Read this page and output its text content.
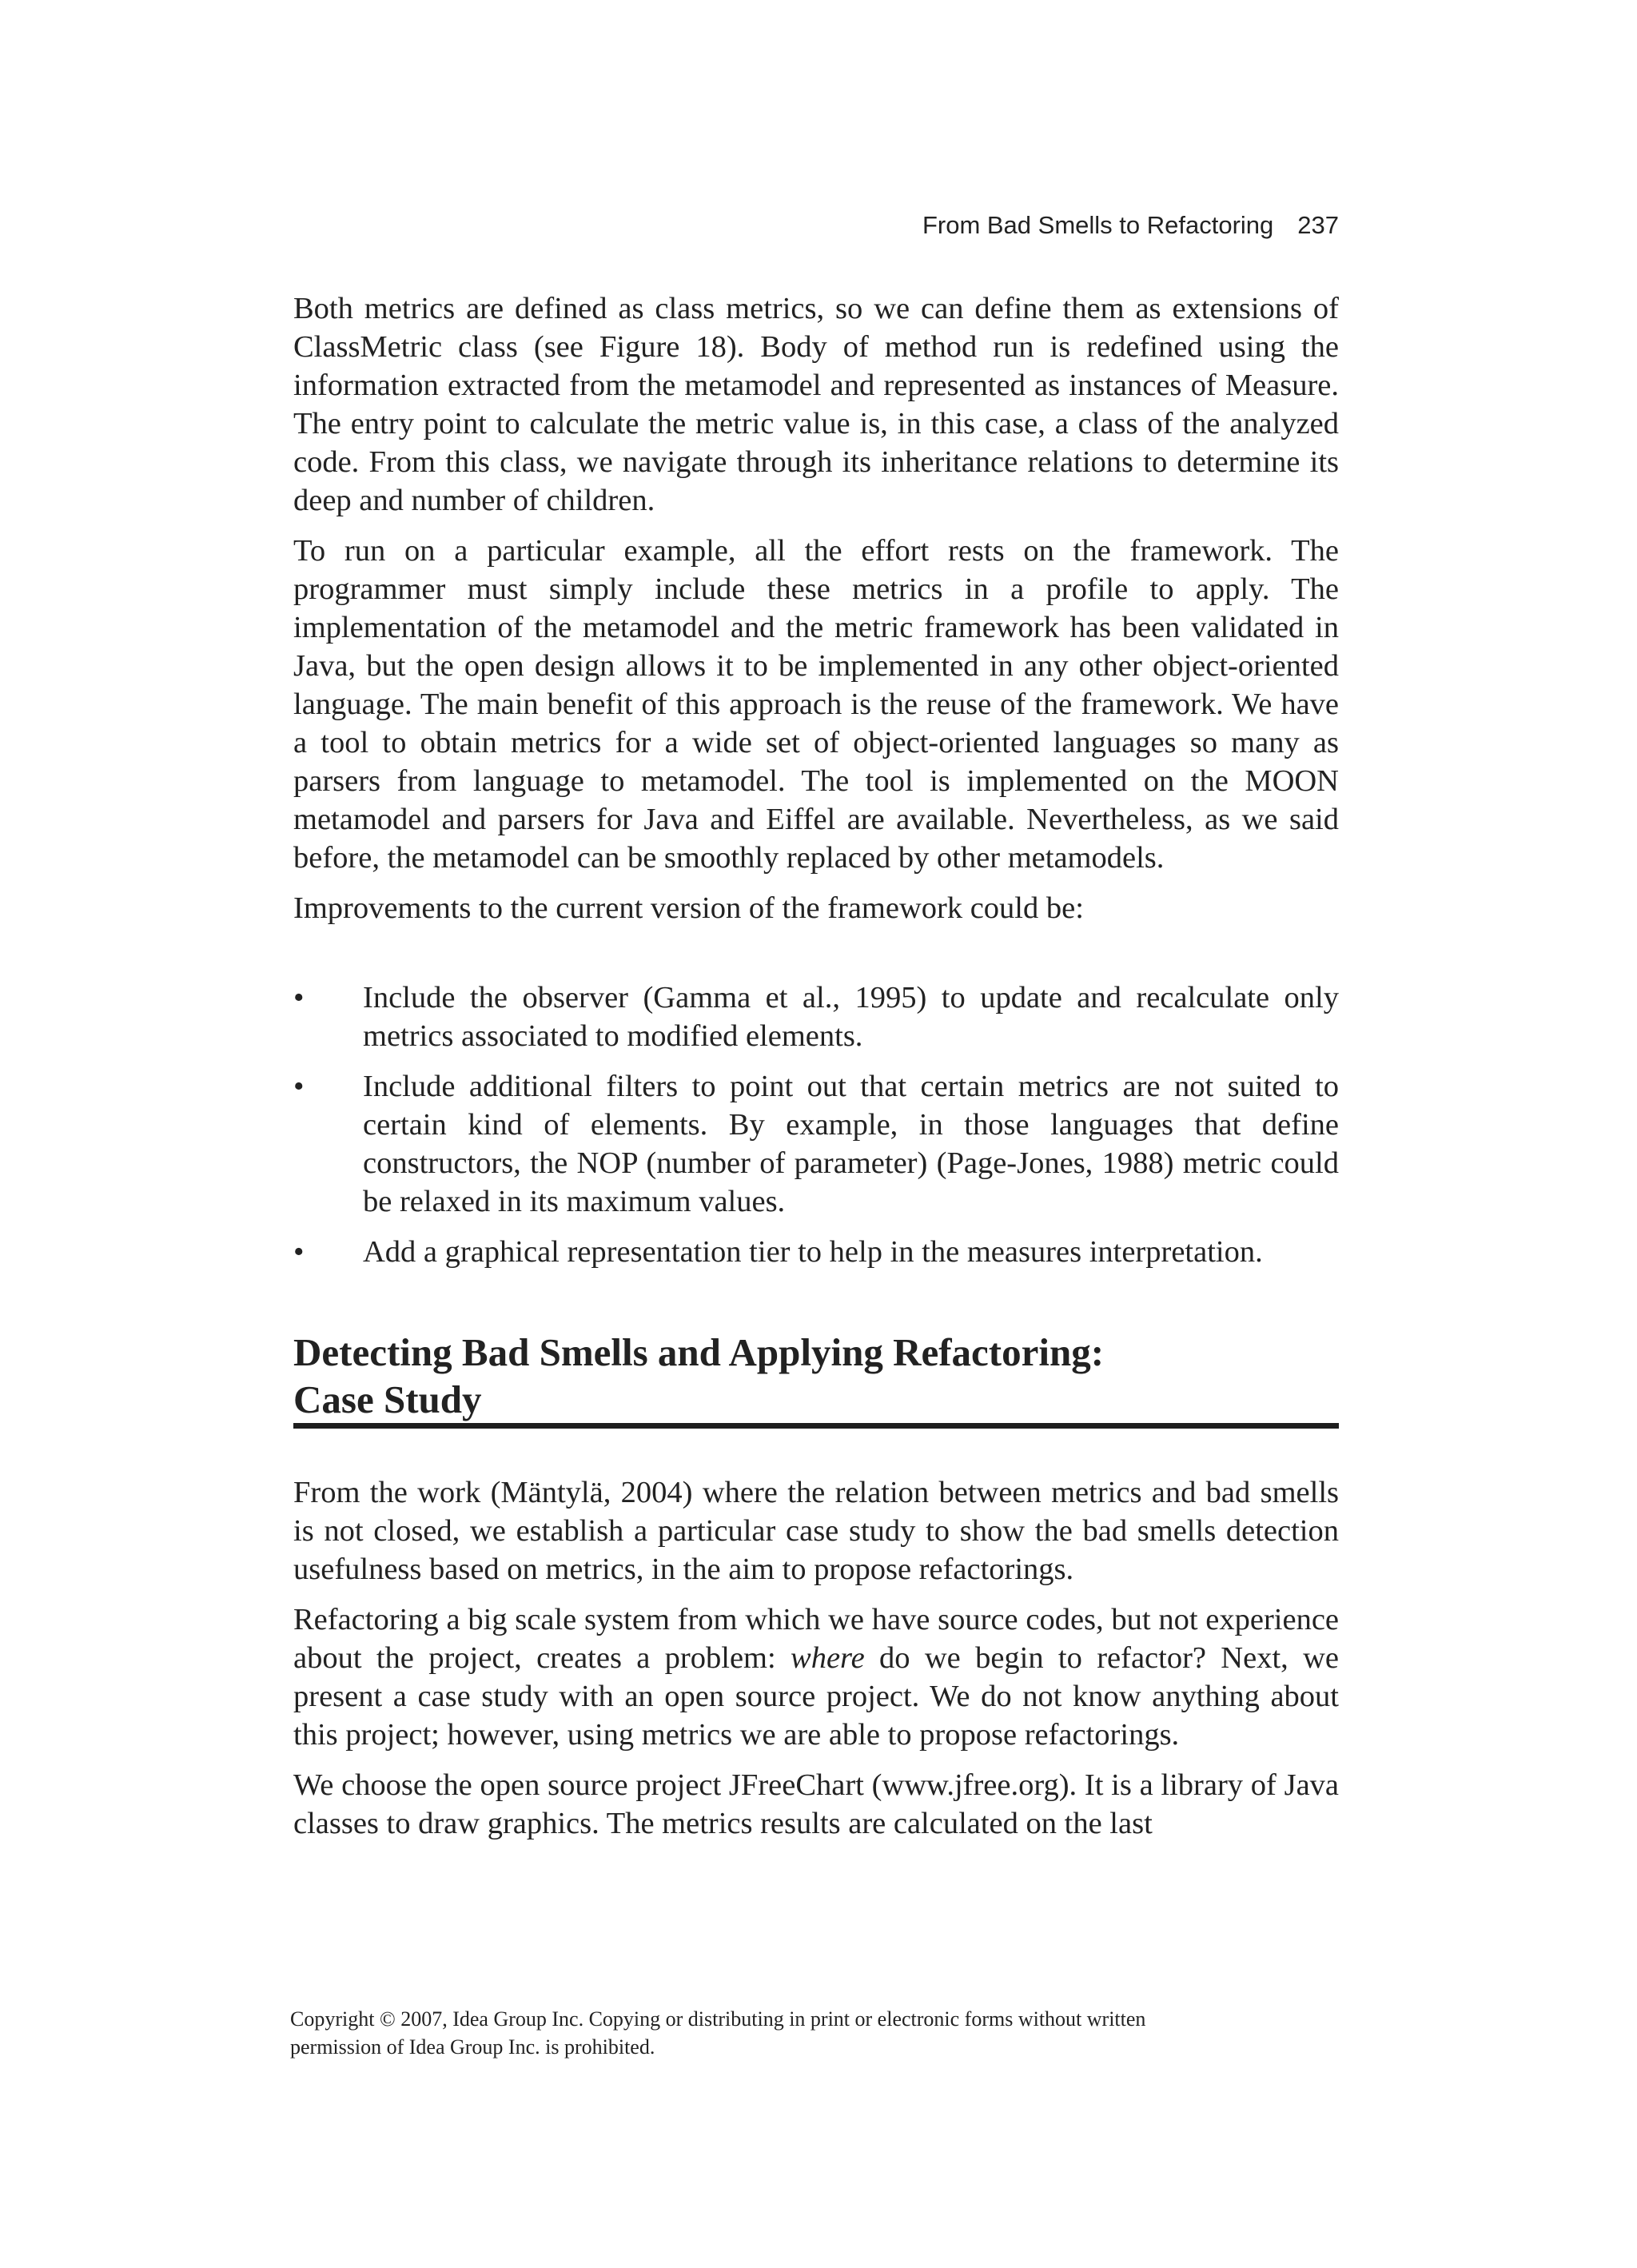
From Bad Smells to Refactoring 237

Both metrics are defined as class metrics, so we can define them as extensions of ClassMetric class (see Figure 18). Body of method run is redefined using the information extracted from the metamodel and represented as instances of Measure. The entry point to calculate the metric value is, in this case, a class of the analyzed code. From this class, we navigate through its inheritance relations to determine its deep and number of children.

To run on a particular example, all the effort rests on the framework. The programmer must simply include these metrics in a profile to apply. The implementation of the metamodel and the metric framework has been validated in Java, but the open design allows it to be implemented in any other object-oriented language. The main benefit of this approach is the reuse of the framework. We have a tool to obtain metrics for a wide set of object-oriented languages so many as parsers from language to metamodel. The tool is implemented on the MOON metamodel and parsers for Java and Eiffel are available. Nevertheless, as we said before, the metamodel can be smoothly replaced by other metamodels.

Improvements to the current version of the framework could be:

• Include the observer (Gamma et al., 1995) to update and recalculate only metrics associated to modified elements.
• Include additional filters to point out that certain metrics are not suited to certain kind of elements. By example, in those languages that define constructors, the NOP (number of parameter) (Page-Jones, 1988) metric could be relaxed in its maximum values.
• Add a graphical representation tier to help in the measures interpretation.
Detecting Bad Smells and Applying Refactoring:
Case Study

From the work (Mäntylä, 2004) where the relation between metrics and bad smells is not closed, we establish a particular case study to show the bad smells detection usefulness based on metrics, in the aim to propose refactorings.

Refactoring a big scale system from which we have source codes, but not experience about the project, creates a problem: where do we begin to refactor? Next, we present a case study with an open source project. We do not know anything about this project; however, using metrics we are able to propose refactorings.

We choose the open source project JFreeChart (www.jfree.org). It is a library of Java classes to draw graphics. The metrics results are calculated on the last

Copyright © 2007, Idea Group Inc. Copying or distributing in print or electronic forms without written
permission of Idea Group Inc. is prohibited.
